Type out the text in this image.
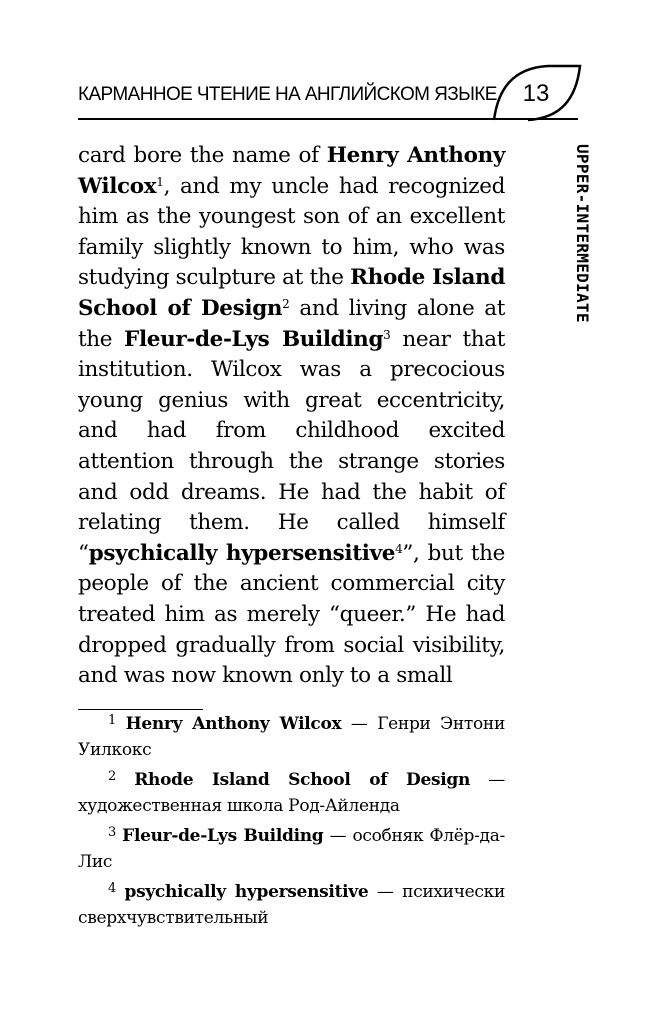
КАРМАННОЕ ЧТЕНИЕ НА АНГЛИЙСКОМ ЯЗЫКЕ	13
UPPER-INTERMEDIATE
card bore the name of Henry Anthony Wilcox$^1$, and my uncle had recognized him as the youngest son of an excellent family slightly known to him, who was studying sculpture at the Rhode Island School of Design$^2$ and living alone at the Fleur-de-Lys Building$^3$ near that institution. Wilcox was a precocious young genius with great eccentricity, and had from childhood excited attention through the strange stories and odd dreams. He had the habit of relating them. He called himself “psychically hypersensitive$^4$”, but the people of the ancient commercial city treated him as merely “queer.” He had dropped gradually from social visibility, and was now known only to a small
$^1$ Henry Anthony Wilcox — Генри Энтони Уилкокс
$^2$ Rhode Island School of Design — художественная школа Род-Айленда
$^3$ Fleur-de-Lys Building — особняк Флёр-да-Лис
$^4$ psychically hypersensitive — психически сверхчувствительный
